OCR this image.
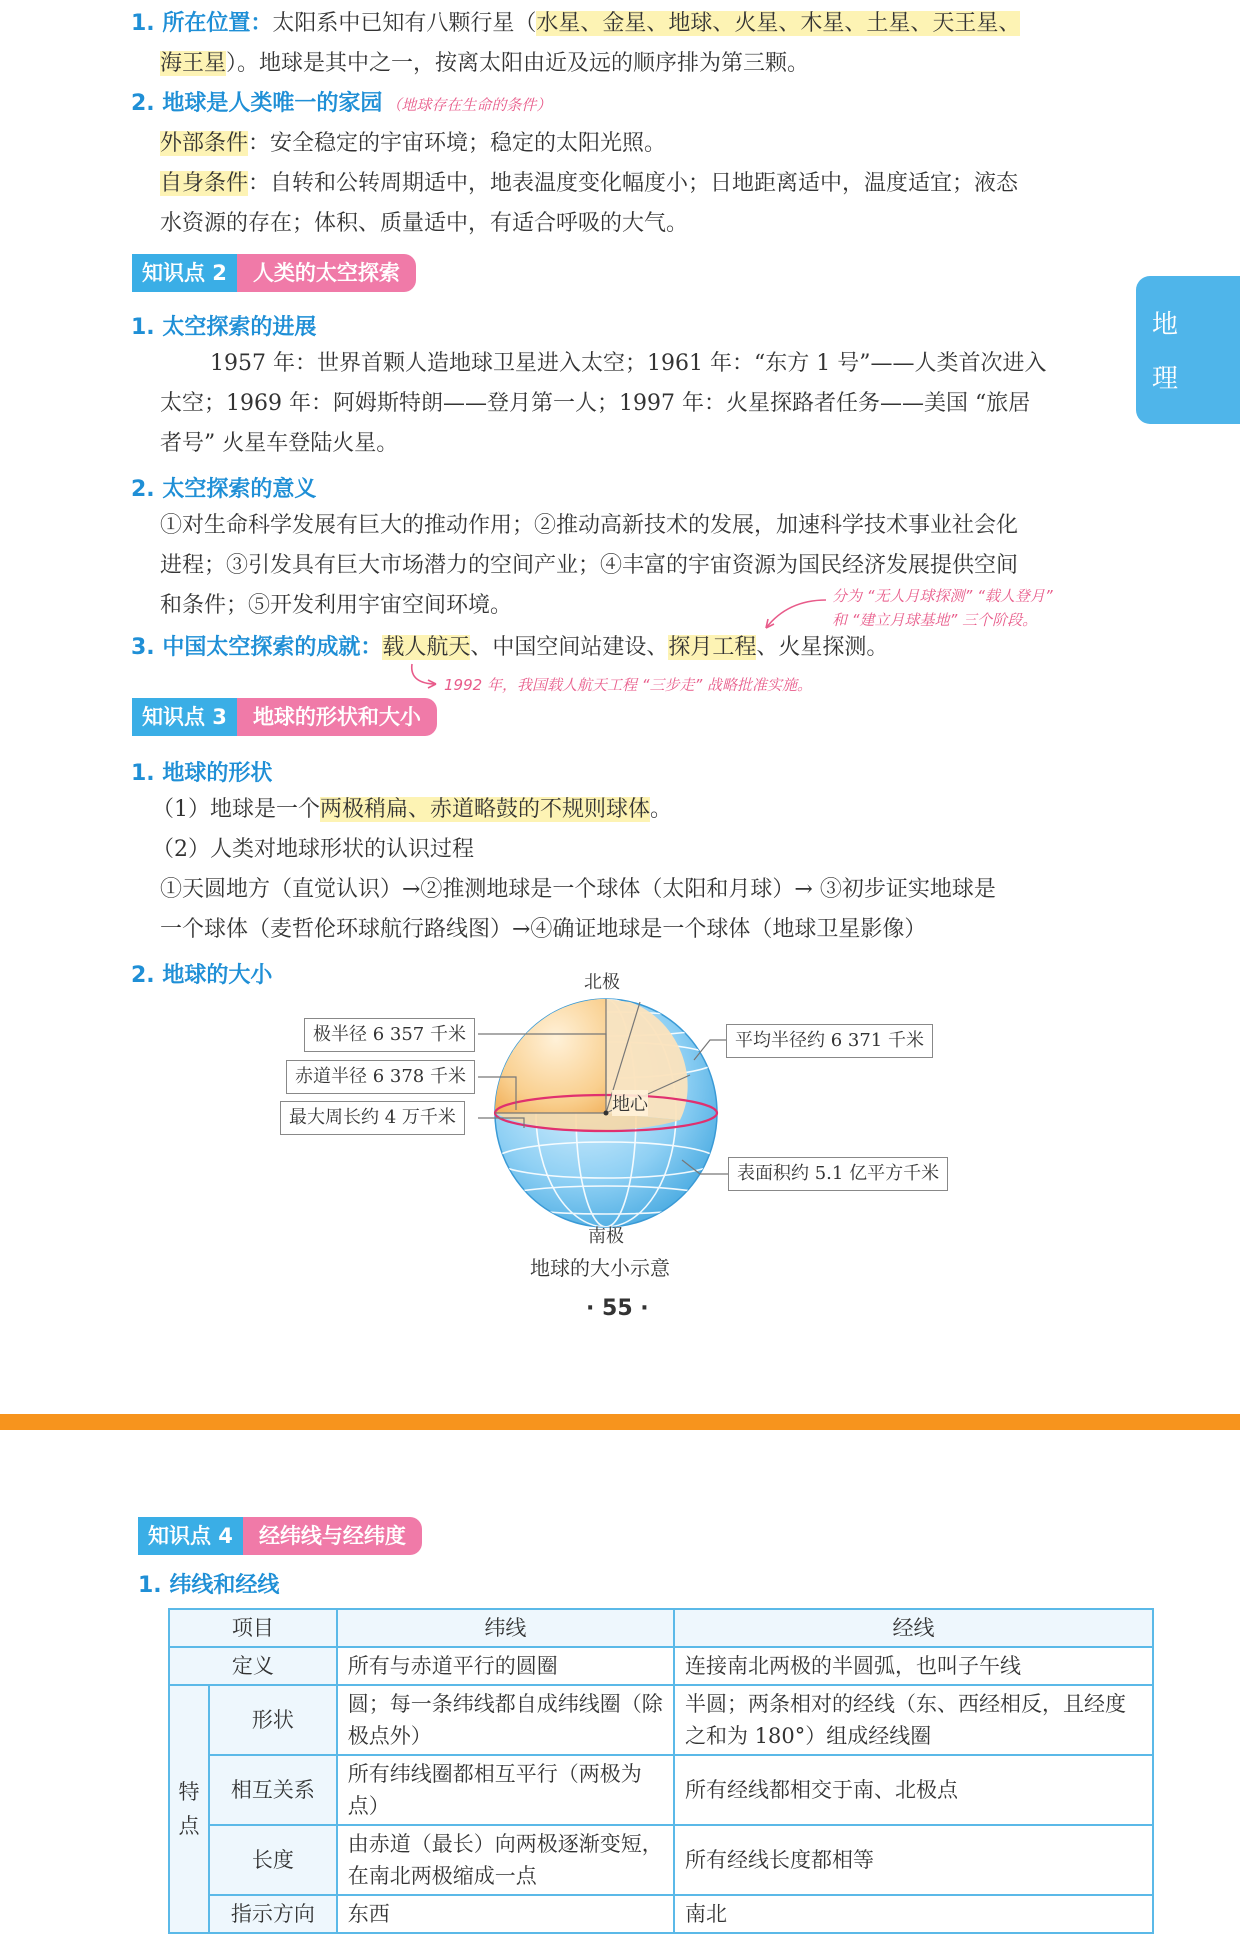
地
理
1. 所在位置：太阳系中已知有八颗行星（水星、金星、地球、火星、木星、土星、天王星、
海王星）。地球是其中之一，按离太阳由近及远的顺序排为第三颗。
2. 地球是人类唯一的家园 （地球存在生命的条件）
外部条件：安全稳定的宇宙环境；稳定的太阳光照。
自身条件：自转和公转周期适中，地表温度变化幅度小；日地距离适中，温度适宜；液态
水资源的存在；体积、质量适中，有适合呼吸的大气。
知识点 2	人类的太空探索
1. 太空探索的进展
1957 年：世界首颗人造地球卫星进入太空；1961 年：“东方 1 号”——人类首次进入
太空；1969 年：阿姆斯特朗——登月第一人；1997 年：火星探路者任务——美国 “旅居
者号” 火星车登陆火星。
2. 太空探索的意义
①对生命科学发展有巨大的推动作用；②推动高新技术的发展，加速科学技术事业社会化
进程；③引发具有巨大市场潜力的空间产业；④丰富的宇宙资源为国民经济发展提供空间
和条件；⑤开发利用宇宙空间环境。	分为 “无人月球探测” “载人登月”
和 “建立月球基地” 三个阶段。
3. 中国太空探索的成就：载人航天、中国空间站建设、探月工程、火星探测。
1992 年，我国载人航天工程 “三步走” 战略批准实施。
知识点 3	地球的形状和大小
1. 地球的形状
（1）地球是一个两极稍扁、赤道略鼓的不规则球体。
（2）人类对地球形状的认识过程
①天圆地方（直觉认识）→②推测地球是一个球体（太阳和月球）→ ③初步证实地球是
一个球体（麦哲伦环球航行路线图）→④确证地球是一个球体（地球卫星影像）
2. 地球的大小	北极
南极
地心
极半径 6 357 千米
赤道半径 6 378 千米
最大周长约 4 万千米
平均半径约 6 371 千米
表面积约 5.1 亿平方千米
地球的大小示意
· 55 ·
知识点 4	经纬线与经纬度
1. 纬线和经线
项目		纬线	经线
定义		所有与赤道平行的圆圈	连接南北两极的半圆弧，也叫子午线
特点	形状	圆；每一条纬线都自成纬线圈（除极点外）	半圆；两条相对的经线（东、西经相反，且经度之和为 180°）组成经线圈
	相互关系	所有纬线圈都相互平行（两极为点）	所有经线都相交于南、北极点
	长度	由赤道（最长）向两极逐渐变短，在南北两极缩成一点	所有经线长度都相等
	指示方向	东西	南北
